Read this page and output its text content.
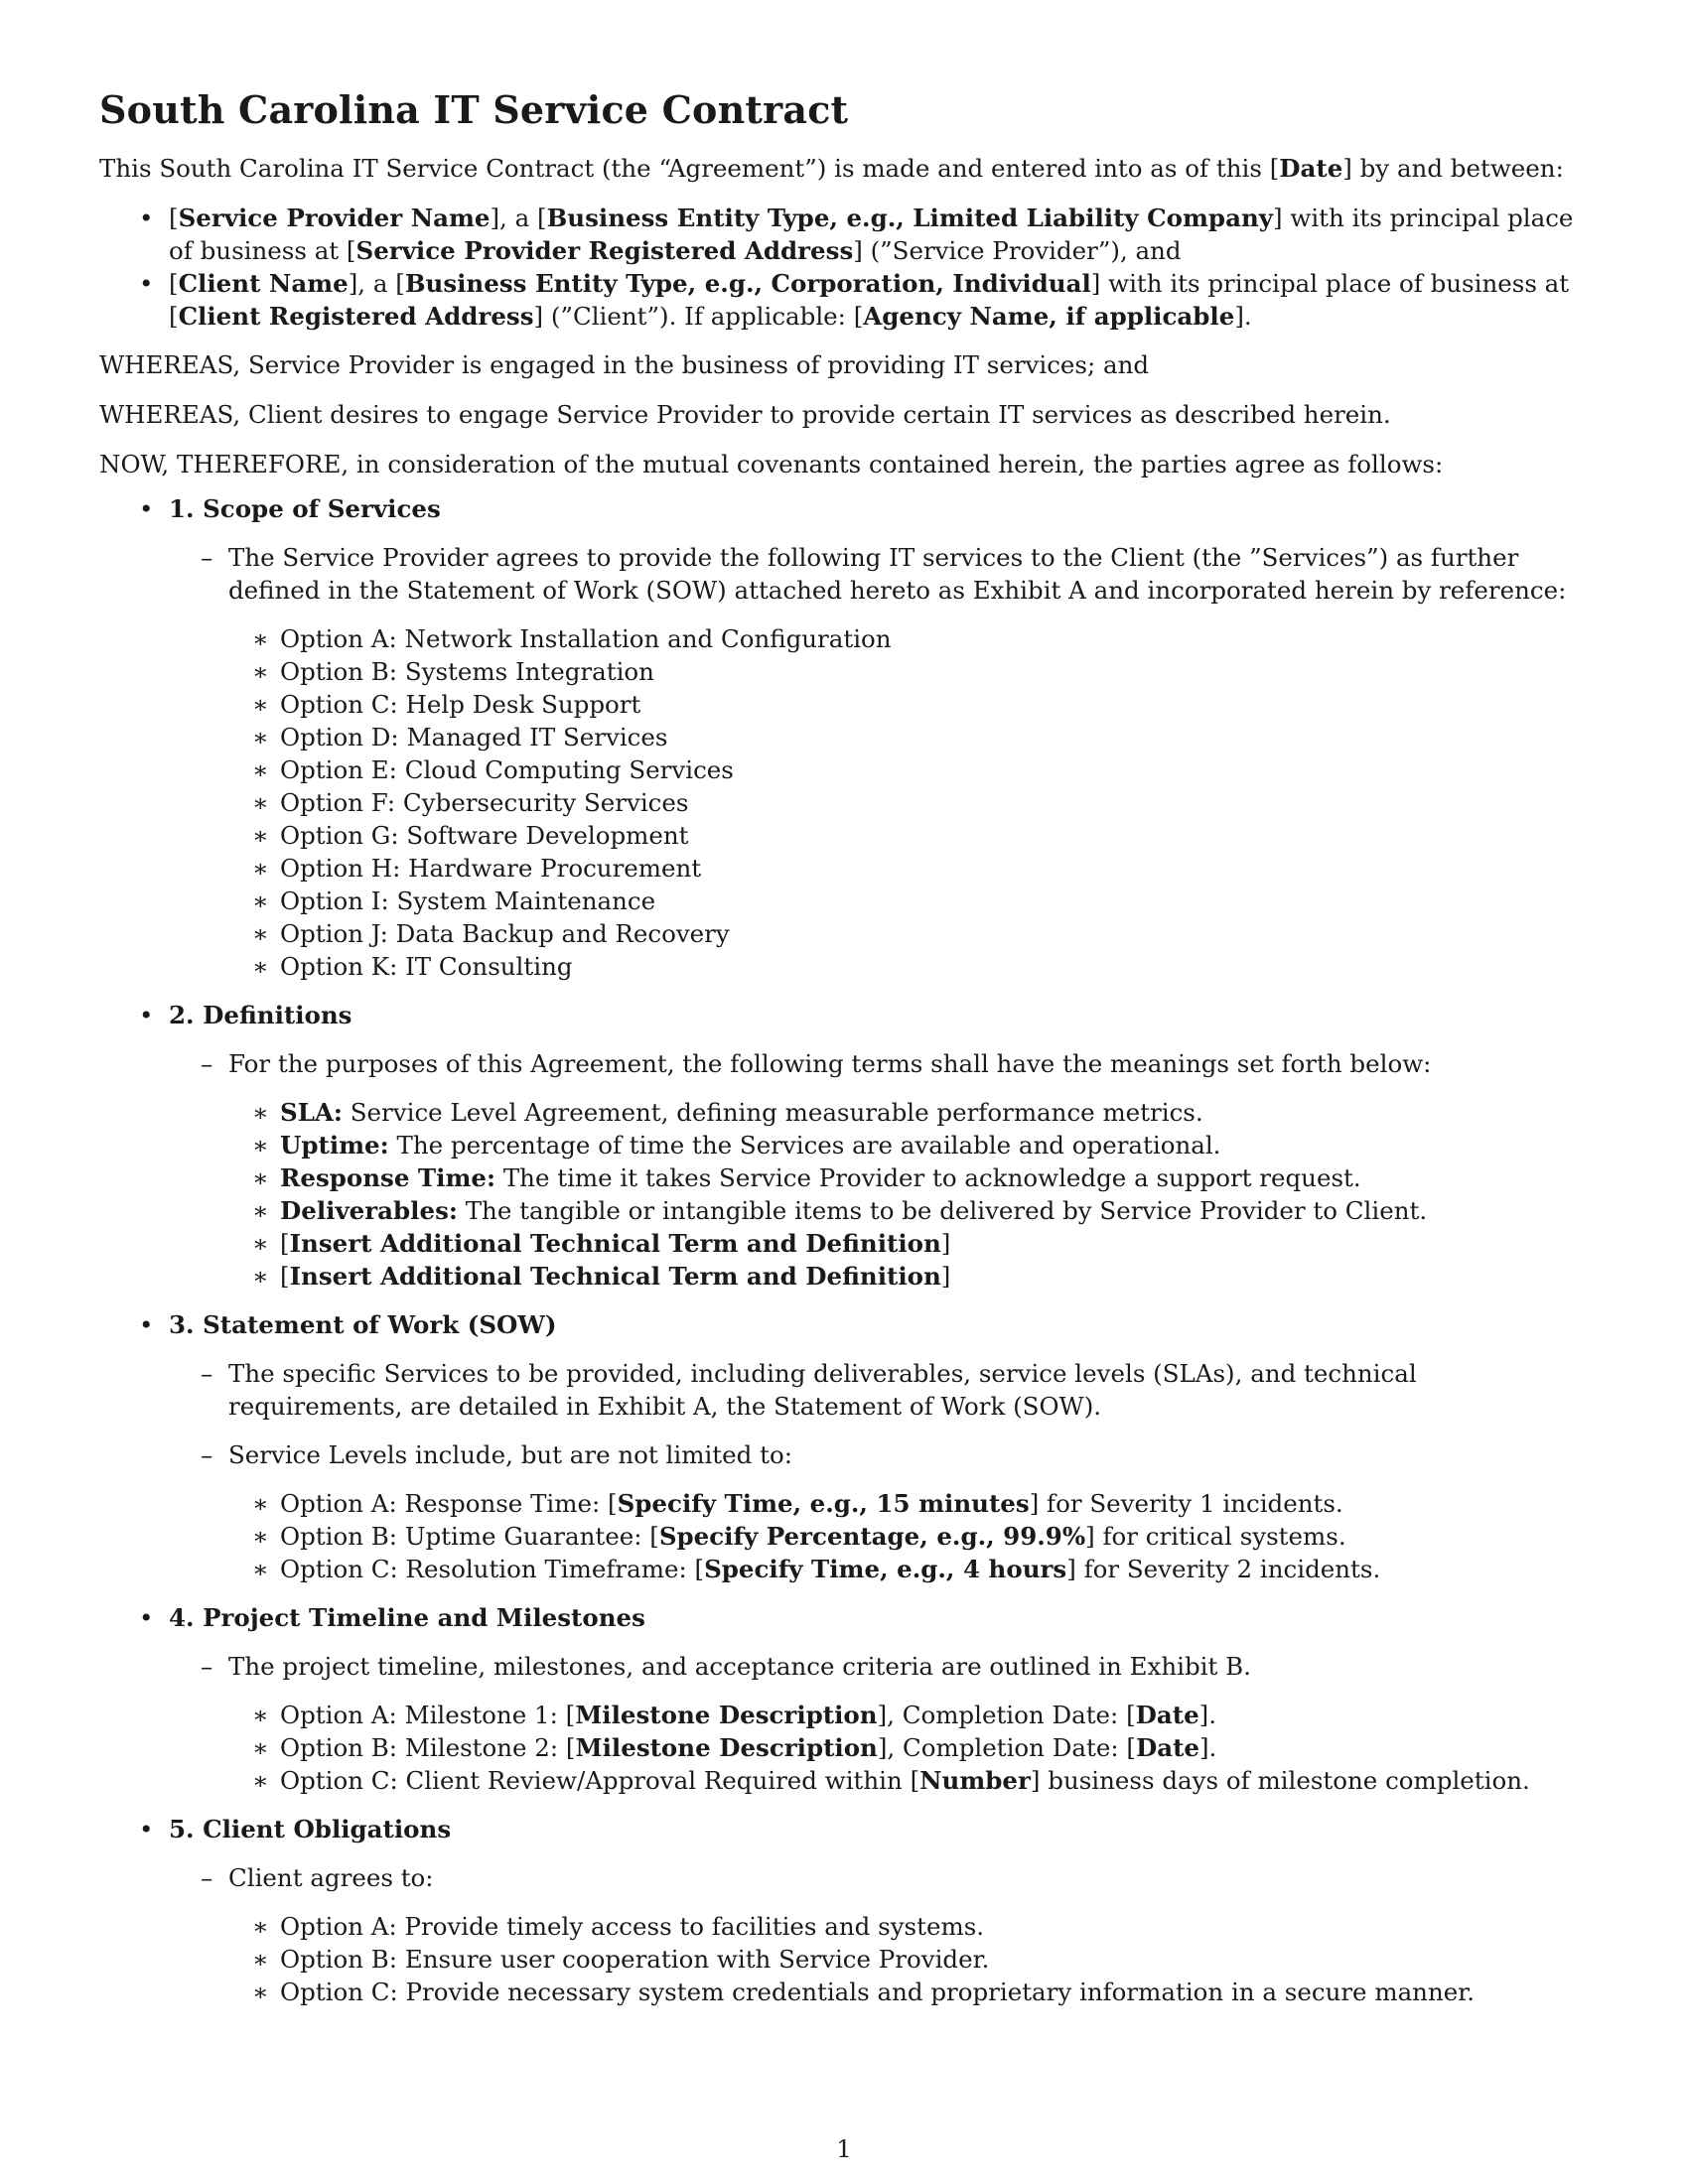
South Carolina IT Service Contract

This South Carolina IT Service Contract (the “Agreement”) is made and entered into as of this [Date] by and between:

• [Service Provider Name], a [Business Entity Type, e.g., Limited Liability Company] with its principal place of business at [Service Provider Registered Address] (”Service Provider”), and
• [Client Name], a [Business Entity Type, e.g., Corporation, Individual] with its principal place of business at [Client Registered Address] (”Client”). If applicable: [Agency Name, if applicable].

WHEREAS, Service Provider is engaged in the business of providing IT services; and

WHEREAS, Client desires to engage Service Provider to provide certain IT services as described herein.

NOW, THEREFORE, in consideration of the mutual covenants contained herein, the parties agree as follows:

• 1. Scope of Services
– The Service Provider agrees to provide the following IT services to the Client (the ”Services”) as further defined in the Statement of Work (SOW) attached hereto as Exhibit A and incorporated herein by reference:
∗ Option A: Network Installation and Configuration
∗ Option B: Systems Integration
∗ Option C: Help Desk Support
∗ Option D: Managed IT Services
∗ Option E: Cloud Computing Services
∗ Option F: Cybersecurity Services
∗ Option G: Software Development
∗ Option H: Hardware Procurement
∗ Option I: System Maintenance
∗ Option J: Data Backup and Recovery
∗ Option K: IT Consulting
• 2. Definitions
– For the purposes of this Agreement, the following terms shall have the meanings set forth below:
∗ SLA: Service Level Agreement, defining measurable performance metrics.
∗ Uptime: The percentage of time the Services are available and operational.
∗ Response Time: The time it takes Service Provider to acknowledge a support request.
∗ Deliverables: The tangible or intangible items to be delivered by Service Provider to Client.
∗ [Insert Additional Technical Term and Definition]
∗ [Insert Additional Technical Term and Definition]
• 3. Statement of Work (SOW)
– The specific Services to be provided, including deliverables, service levels (SLAs), and technical requirements, are detailed in Exhibit A, the Statement of Work (SOW).
– Service Levels include, but are not limited to:
∗ Option A: Response Time: [Specify Time, e.g., 15 minutes] for Severity 1 incidents.
∗ Option B: Uptime Guarantee: [Specify Percentage, e.g., 99.9%] for critical systems.
∗ Option C: Resolution Timeframe: [Specify Time, e.g., 4 hours] for Severity 2 incidents.
• 4. Project Timeline and Milestones
– The project timeline, milestones, and acceptance criteria are outlined in Exhibit B.
∗ Option A: Milestone 1: [Milestone Description], Completion Date: [Date].
∗ Option B: Milestone 2: [Milestone Description], Completion Date: [Date].
∗ Option C: Client Review/Approval Required within [Number] business days of milestone completion.
• 5. Client Obligations
– Client agrees to:
∗ Option A: Provide timely access to facilities and systems.
∗ Option B: Ensure user cooperation with Service Provider.
∗ Option C: Provide necessary system credentials and proprietary information in a secure manner.
1
